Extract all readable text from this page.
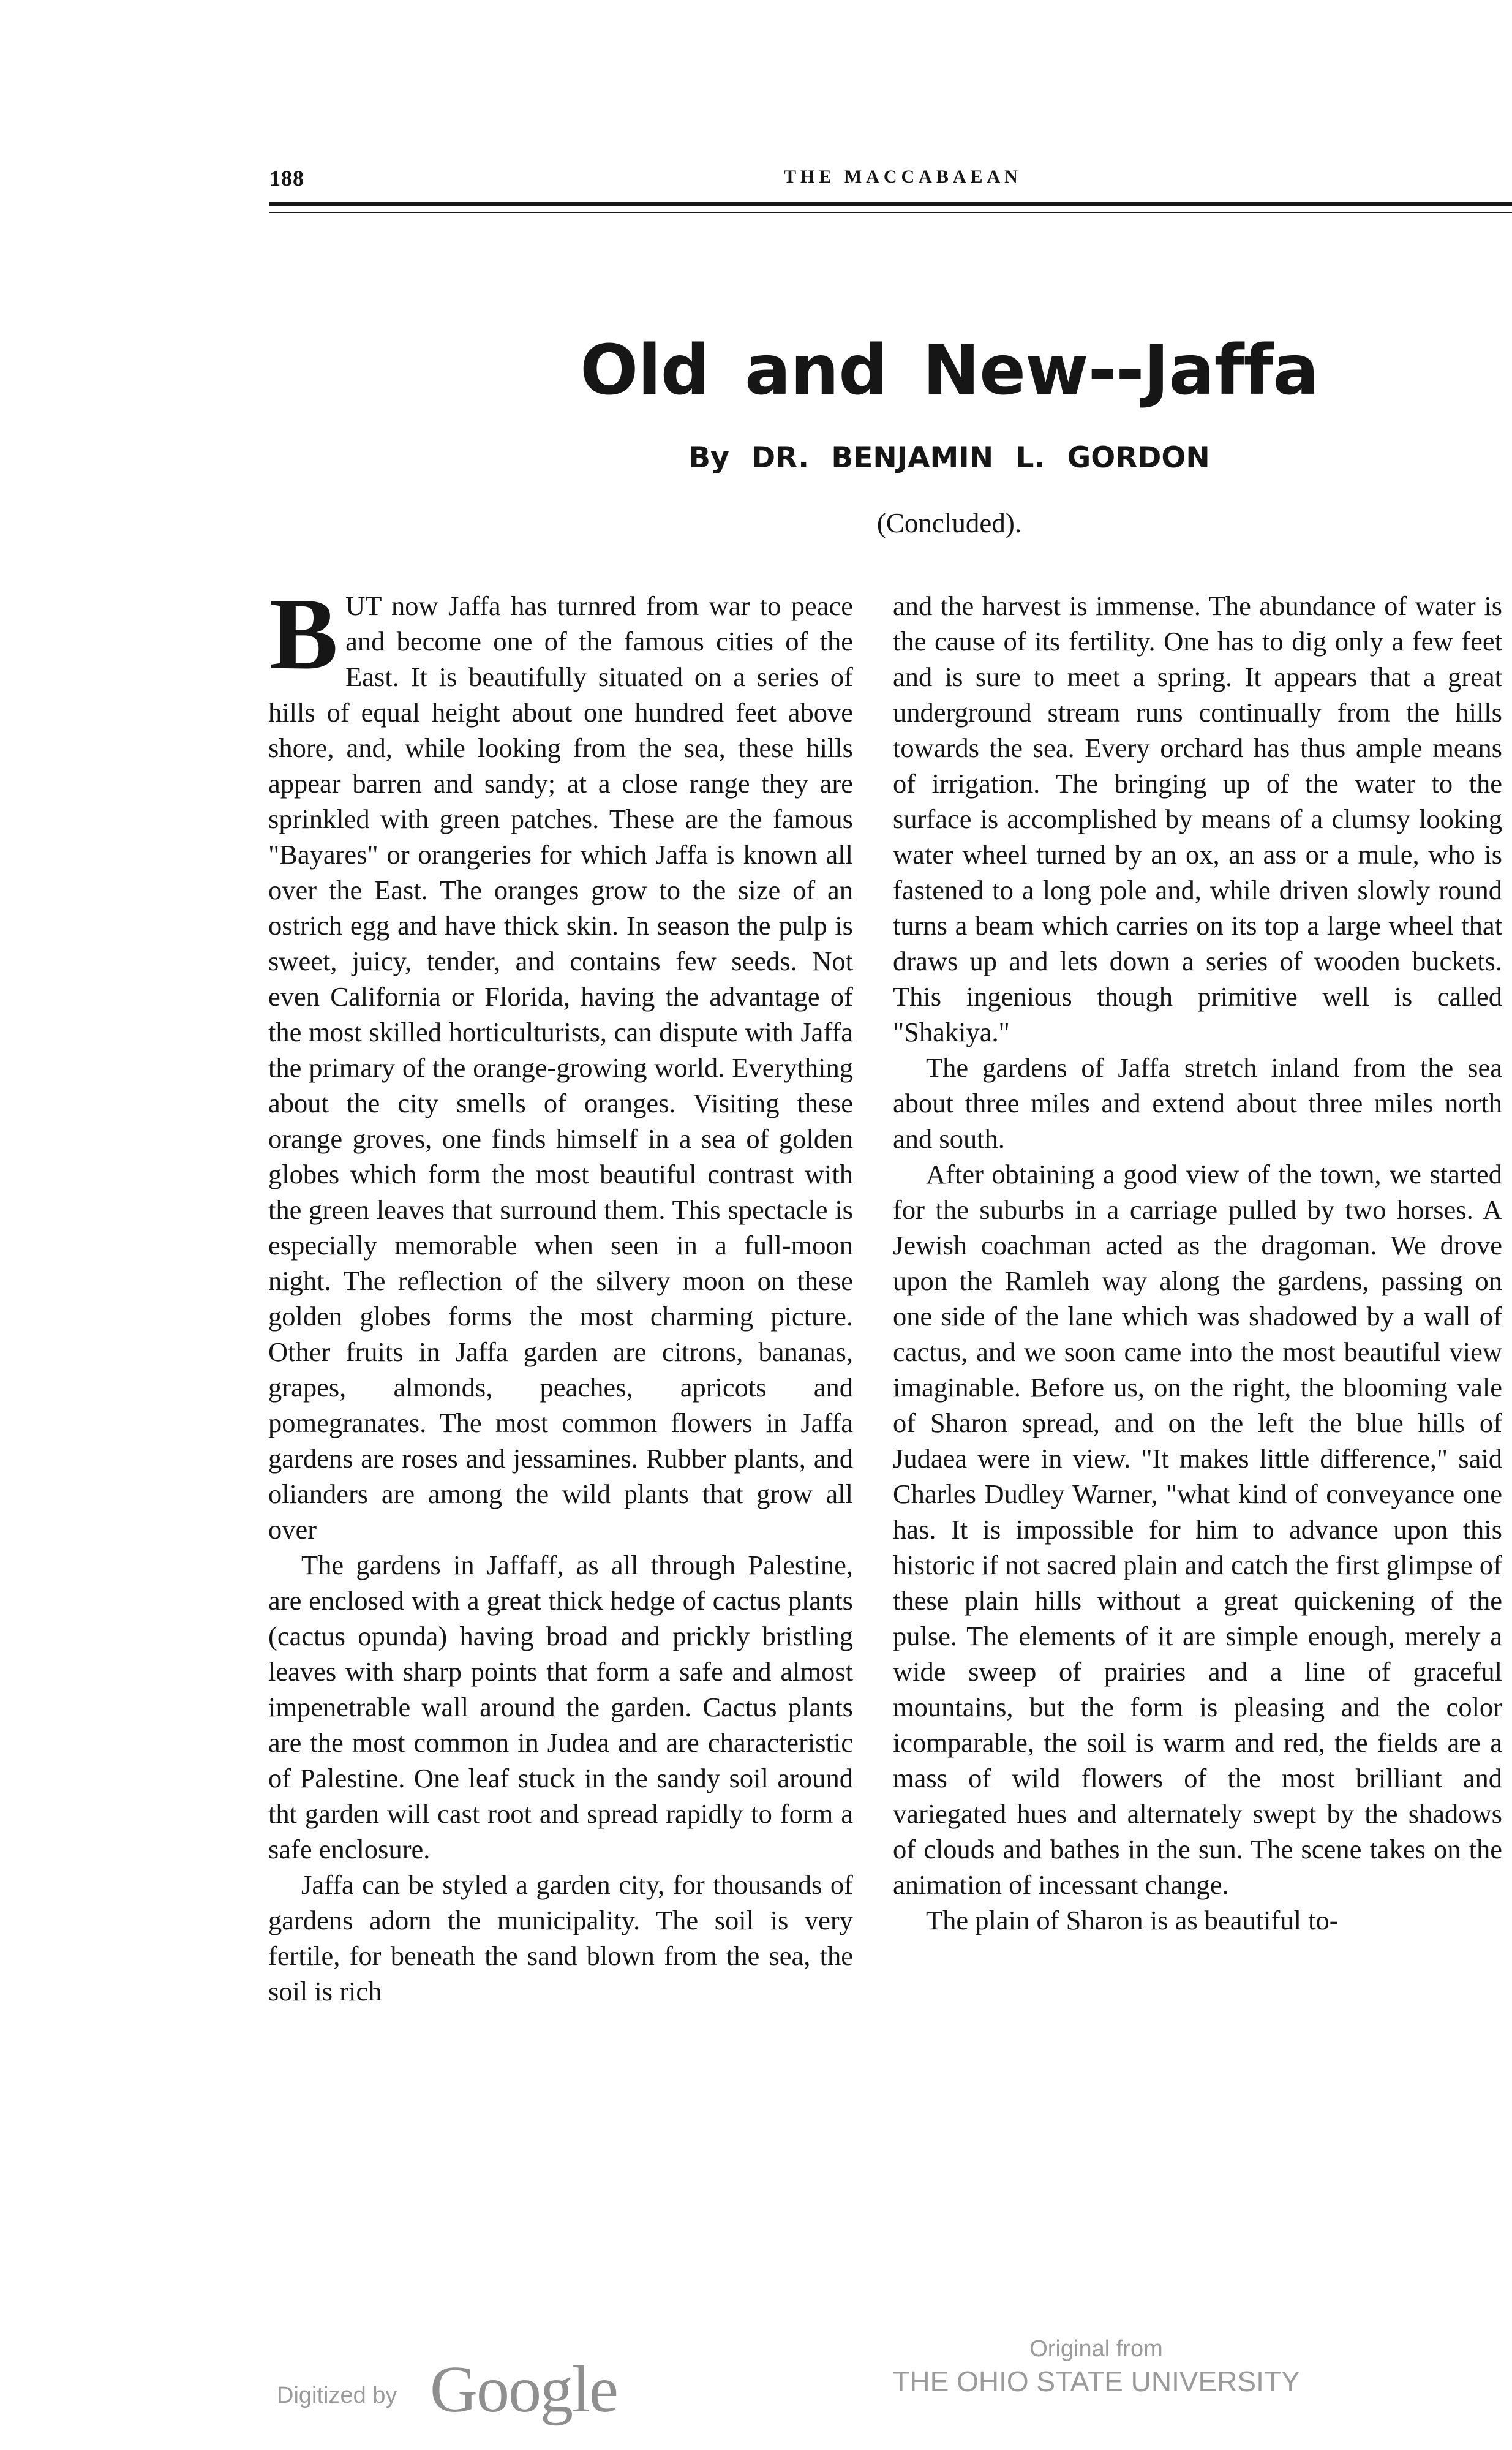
188	THE MACCABAEAN
Old and New--Jaffa
By DR. BENJAMIN L. GORDON
(Concluded).

BUT now Jaffa has turnred from war to peace and become one of the famous cities of the East. It is beautifully situated on a series of hills of equal height about one hundred feet above shore, and, while looking from the sea, these hills appear barren and sandy; at a close range they are sprinkled with green patches. These are the famous "Bayares" or orangeries for which Jaffa is known all over the East. The oranges grow to the size of an ostrich egg and have thick skin. In season the pulp is sweet, juicy, tender, and contains few seeds. Not even California or Florida, having the advantage of the most skilled horticulturists, can dispute with Jaffa the primary of the orange-growing world. Everything about the city smells of oranges. Visiting these orange groves, one finds himself in a sea of golden globes which form the most beautiful contrast with the green leaves that surround them. This spectacle is especially memorable when seen in a full-moon night. The reflection of the silvery moon on these golden globes forms the most charming picture. Other fruits in Jaffa garden are citrons, bananas, grapes, almonds, peaches, apricots and pomegranates. The most common flowers in Jaffa gardens are roses and jessamines. Rubber plants, and olianders are among the wild plants that grow all over

The gardens in Jaffaff, as all through Palestine, are enclosed with a great thick hedge of cactus plants (cactus opunda) having broad and prickly bristling leaves with sharp points that form a safe and almost impenetrable wall around the garden. Cactus plants are the most common in Judea and are characteristic of Palestine. One leaf stuck in the sandy soil around tht garden will cast root and spread rapidly to form a safe enclosure.

Jaffa can be styled a garden city, for thousands of gardens adorn the municipality. The soil is very fertile, for beneath the sand blown from the sea, the soil is rich

and the harvest is immense. The abundance of water is the cause of its fertility. One has to dig only a few feet and is sure to meet a spring. It appears that a great underground stream runs continually from the hills towards the sea. Every orchard has thus ample means of irrigation. The bringing up of the water to the surface is accomplished by means of a clumsy looking water wheel turned by an ox, an ass or a mule, who is fastened to a long pole and, while driven slowly round turns a beam which carries on its top a large wheel that draws up and lets down a series of wooden buckets. This ingenious though primitive well is called "Shakiya."

The gardens of Jaffa stretch inland from the sea about three miles and extend about three miles north and south.

After obtaining a good view of the town, we started for the suburbs in a carriage pulled by two horses. A Jewish coachman acted as the dragoman. We drove upon the Ramleh way along the gardens, passing on one side of the lane which was shadowed by a wall of cactus, and we soon came into the most beautiful view imaginable. Before us, on the right, the blooming vale of Sharon spread, and on the left the blue hills of Judaea were in view. "It makes little difference," said Charles Dudley Warner, "what kind of conveyance one has. It is impossible for him to advance upon this historic if not sacred plain and catch the first glimpse of these plain hills without a great quickening of the pulse. The elements of it are simple enough, merely a wide sweep of prairies and a line of graceful mountains, but the form is pleasing and the color icomparable, the soil is warm and red, the fields are a mass of wild flowers of the most brilliant and variegated hues and alternately swept by the shadows of clouds and bathes in the sun. The scene takes on the animation of incessant change.

The plain of Sharon is as beautiful to-

Digitized by Google
Original from
THE OHIO STATE UNIVERSITY
